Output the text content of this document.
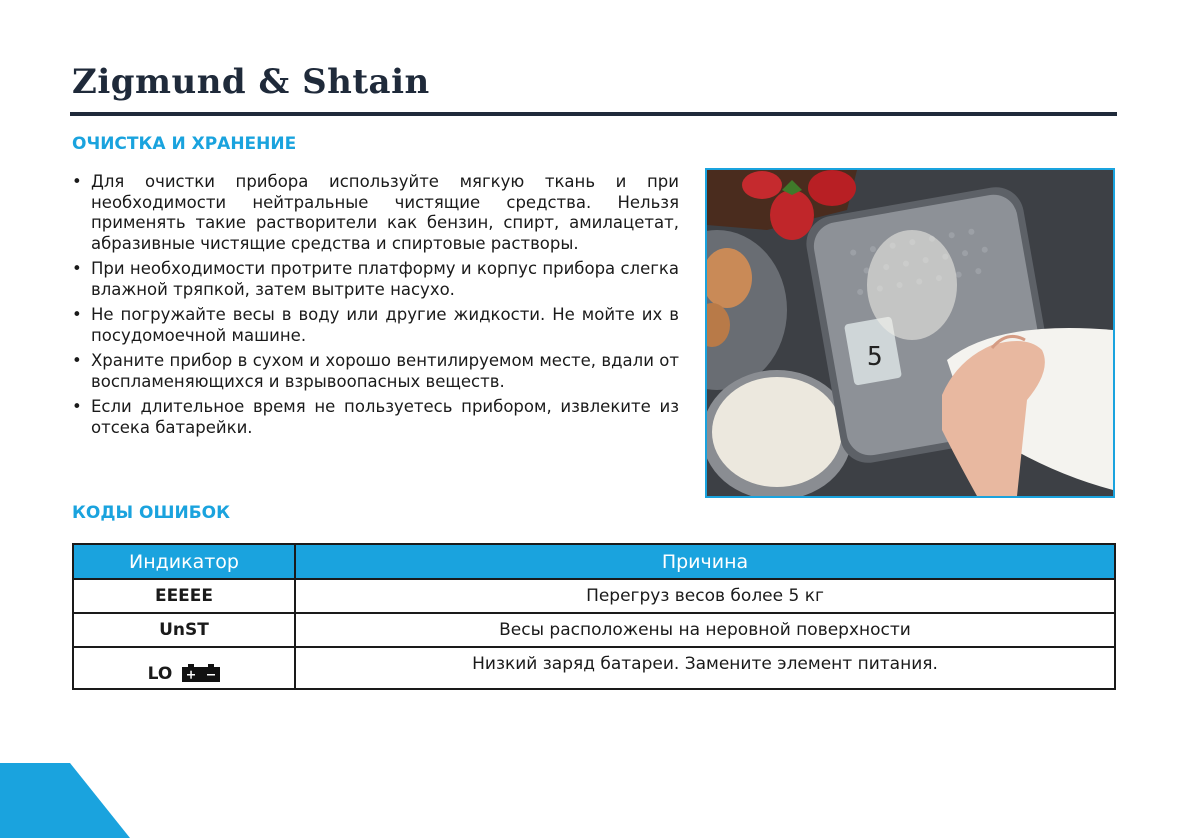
Zigmund & Shtain
ОЧИСТКА И ХРАНЕНИЕ
• Для очистки прибора используйте мягкую ткань и при необходимости нейтральные чистящие средства. Нельзя применять такие растворители как бензин, спирт, амилацетат, абразивные чистящие средства и спиртовые растворы.
• При необходимости протрите платформу и корпус прибора слегка влажной тряпкой, затем вытрите насухо.
• Не погружайте весы в воду или другие жидкости. Не мойте их в посудомоечной машине.
• Храните прибор в сухом и хорошо вентилируемом месте, вдали от воспламеняющихся и взрывоопасных веществ.
• Если длительное время не пользуетесь прибором, извлеките из отсека батарейки.
5
КОДЫ ОШИБОК
Индикатор	Причина
EEEEE	Перегруз весов более 5 кг
UnST	Весы расположены на неровной поверхности

LO	Низкий заряд батареи. Замените элемент питания.
